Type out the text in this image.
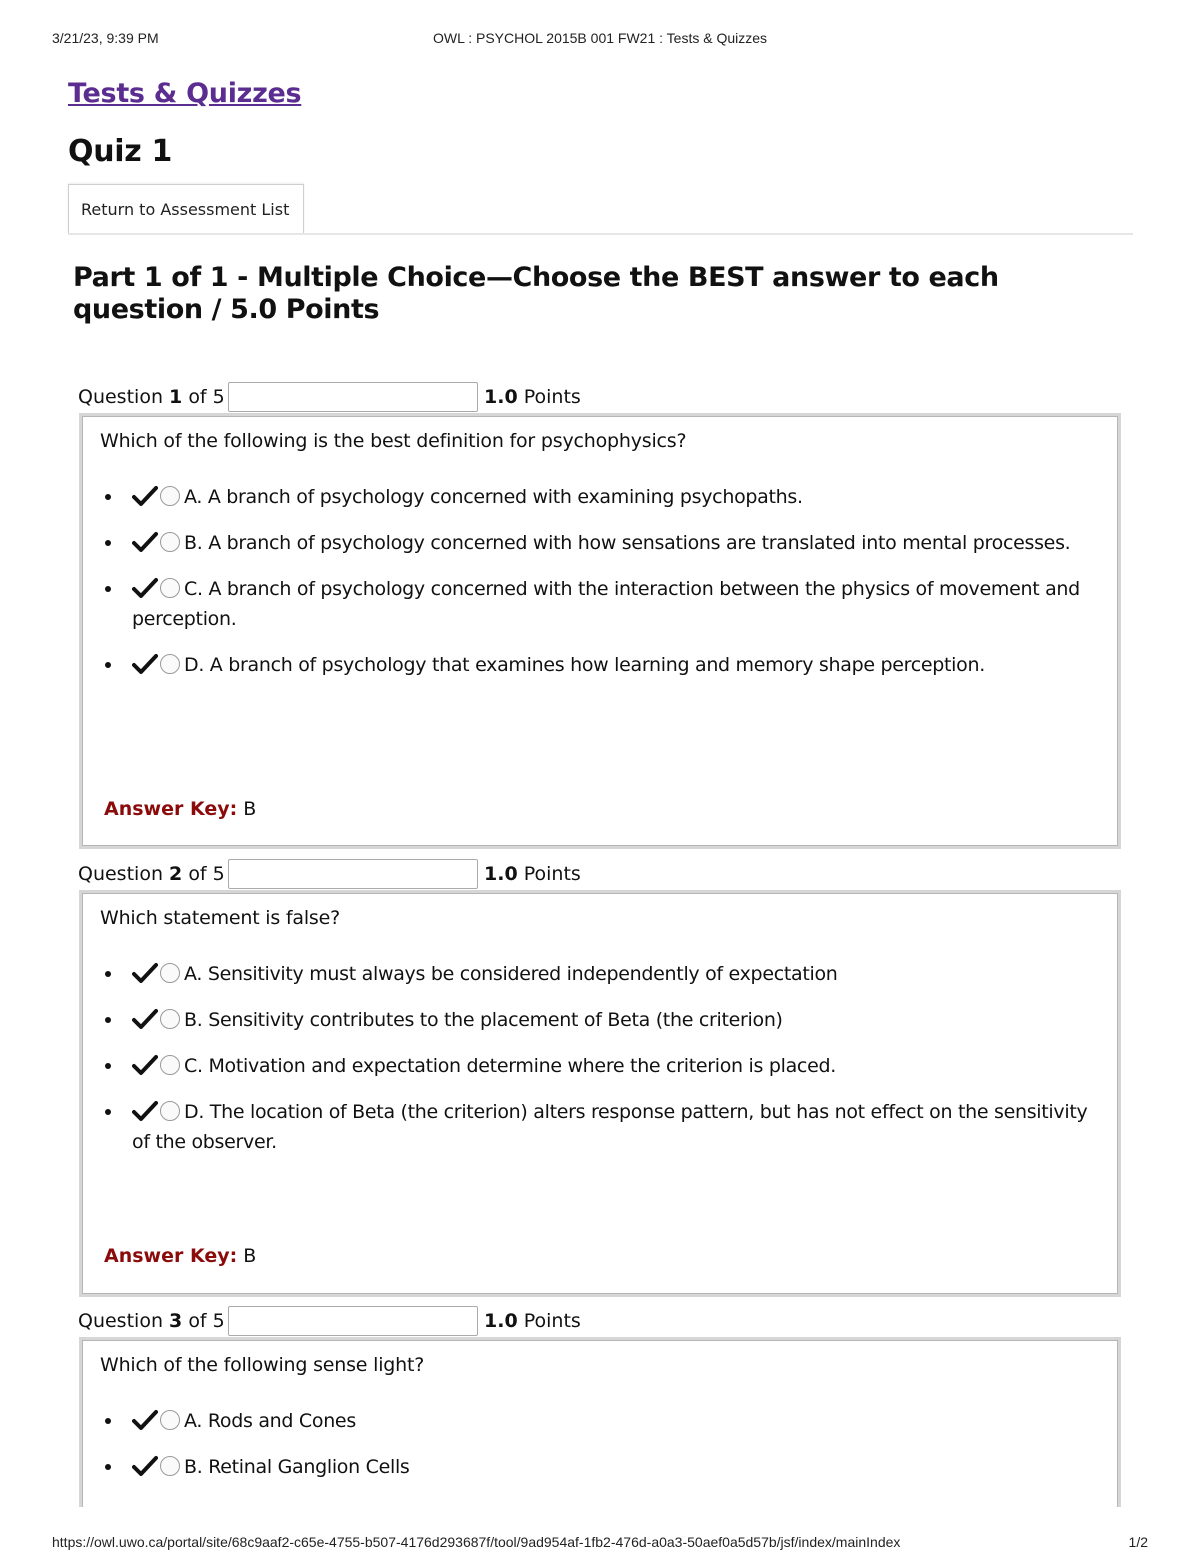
3/21/23, 9:39 PM	OWL : PSYCHOL 2015B 001 FW21 : Tests & Quizzes
Tests & Quizzes
Quiz 1
Return to Assessment List
Part 1 of 1 - Multiple Choice—Choose the BEST answer to each question / 5.0 Points
Question 1 of 5	1.0 Points
Which of the following is the best definition for psychophysics?
A. A branch of psychology concerned with examining psychopaths.
B. A branch of psychology concerned with how sensations are translated into mental processes.
C. A branch of psychology concerned with the interaction between the physics of movement and perception.
D. A branch of psychology that examines how learning and memory shape perception.
Answer Key: B
Question 2 of 5	1.0 Points
Which statement is false?
A. Sensitivity must always be considered independently of expectation
B. Sensitivity contributes to the placement of Beta (the criterion)
C. Motivation and expectation determine where the criterion is placed.
D. The location of Beta (the criterion) alters response pattern, but has not effect on the sensitivity of the observer.
Answer Key: B
Question 3 of 5	1.0 Points
Which of the following sense light?
A. Rods and Cones
B. Retinal Ganglion Cells
https://owl.uwo.ca/portal/site/68c9aaf2-c65e-4755-b507-4176d293687f/tool/9ad954af-1fb2-476d-a0a3-50aef0a5d57b/jsf/index/mainIndex	1/2
